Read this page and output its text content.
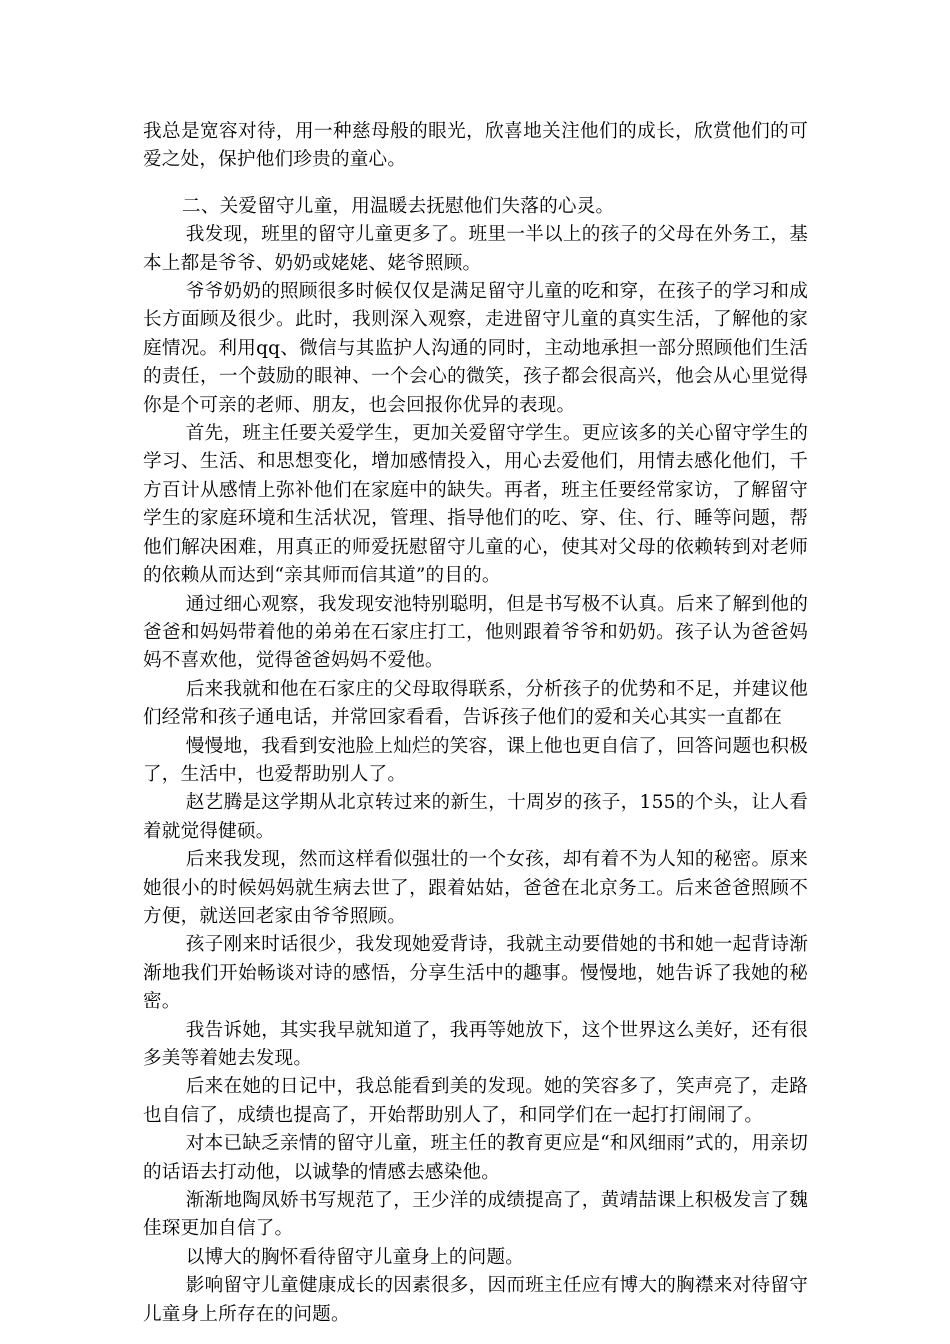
我总是宽容对待，用一种慈母般的眼光，欣喜地关注他们的成长，欣赏他们的可爱之处，保护他们珍贵的童心。

二、关爱留守儿童，用温暖去抚慰他们失落的心灵。

我发现，班里的留守儿童更多了。班里一半以上的孩子的父母在外务工，基本上都是爷爷、奶奶或姥姥、姥爷照顾。

爷爷奶奶的照顾很多时候仅仅是满足留守儿童的吃和穿，在孩子的学习和成长方面顾及很少。此时，我则深入观察，走进留守儿童的真实生活，了解他的家庭情况。利用qq、微信与其监护人沟通的同时，主动地承担一部分照顾他们生活的责任，一个鼓励的眼神、一个会心的微笑，孩子都会很高兴，他会从心里觉得你是个可亲的老师、朋友，也会回报你优异的表现。

首先，班主任要关爱学生，更加关爱留守学生。更应该多的关心留守学生的学习、生活、和思想变化，增加感情投入，用心去爱他们，用情去感化他们，千方百计从感情上弥补他们在家庭中的缺失。再者，班主任要经常家访，了解留守学生的家庭环境和生活状况，管理、指导他们的吃、穿、住、行、睡等问题，帮他们解决困难，用真正的师爱抚慰留守儿童的心，使其对父母的依赖转到对老师的依赖从而达到“亲其师而信其道”的目的。

通过细心观察，我发现安池特别聪明，但是书写极不认真。后来了解到他的爸爸和妈妈带着他的弟弟在石家庄打工，他则跟着爷爷和奶奶。孩子认为爸爸妈妈不喜欢他，觉得爸爸妈妈不爱他。

后来我就和他在石家庄的父母取得联系，分析孩子的优势和不足，并建议他们经常和孩子通电话，并常回家看看，告诉孩子他们的爱和关心其实一直都在

慢慢地，我看到安池脸上灿烂的笑容，课上他也更自信了，回答问题也积极了，生活中，也爱帮助别人了。

赵艺腾是这学期从北京转过来的新生，十周岁的孩子，155的个头，让人看着就觉得健硕。

后来我发现，然而这样看似强壮的一个女孩，却有着不为人知的秘密。原来她很小的时候妈妈就生病去世了，跟着姑姑，爸爸在北京务工。后来爸爸照顾不方便，就送回老家由爷爷照顾。

孩子刚来时话很少，我发现她爱背诗，我就主动要借她的书和她一起背诗渐渐地我们开始畅谈对诗的感悟，分享生活中的趣事。慢慢地，她告诉了我她的秘密。

我告诉她，其实我早就知道了，我再等她放下，这个世界这么美好，还有很多美等着她去发现。

后来在她的日记中，我总能看到美的发现。她的笑容多了，笑声亮了，走路也自信了，成绩也提高了，开始帮助别人了，和同学们在一起打打闹闹了。

对本已缺乏亲情的留守儿童，班主任的教育更应是“和风细雨”式的，用亲切的话语去打动他，以诚挚的情感去感染他。

渐渐地陶凤娇书写规范了，王少洋的成绩提高了，黄靖喆课上积极发言了魏佳琛更加自信了。

以博大的胸怀看待留守儿童身上的问题。

影响留守儿童健康成长的因素很多，因而班主任应有博大的胸襟来对待留守儿童身上所存在的问题。
